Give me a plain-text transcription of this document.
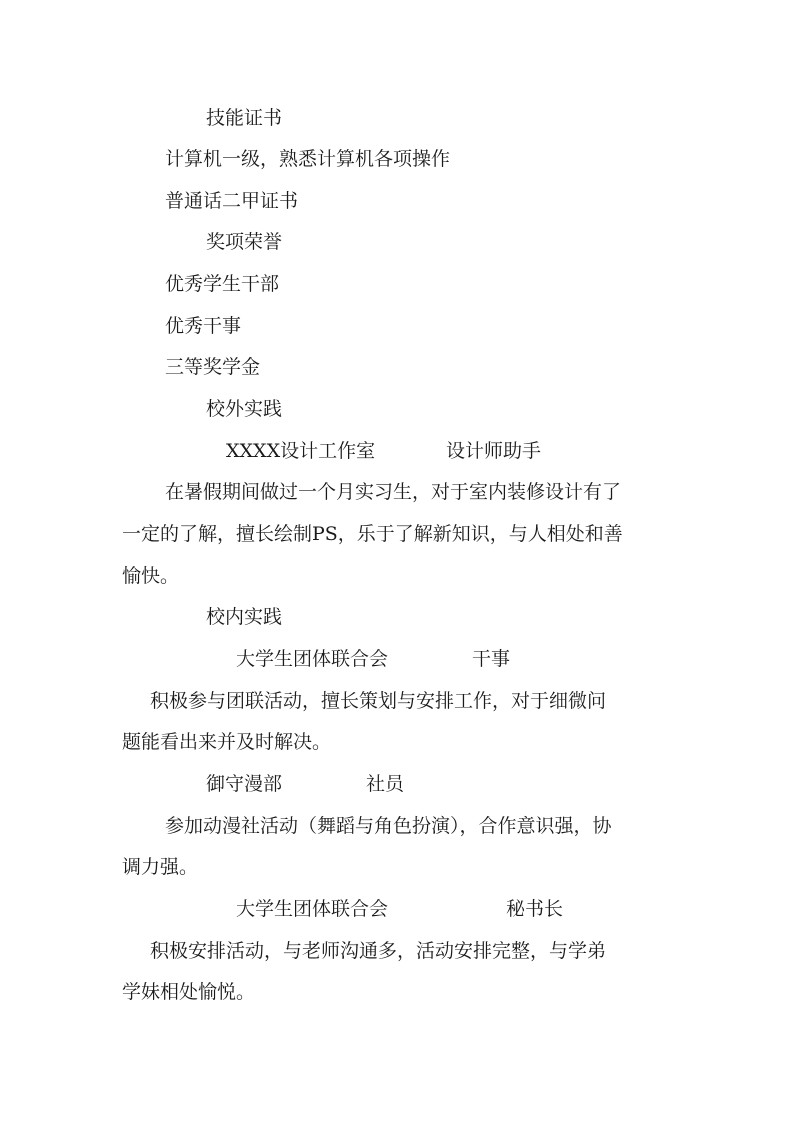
技能证书
计算机一级，熟悉计算机各项操作
普通话二甲证书
奖项荣誉
优秀学生干部
优秀干事
三等奖学金
校外实践
XXXX设计工作室	设计师助手
在暑假期间做过一个月实习生，对于室内装修设计有了
一定的了解，擅长绘制PS，乐于了解新知识，与人相处和善
愉快。
校内实践
大学生团体联合会	干事
积极参与团联活动，擅长策划与安排工作，对于细微问
题能看出来并及时解决。
御守漫部	社员
参加动漫社活动（舞蹈与角色扮演），合作意识强，协
调力强。
大学生团体联合会	秘书长
积极安排活动，与老师沟通多，活动安排完整，与学弟
学妹相处愉悦。
